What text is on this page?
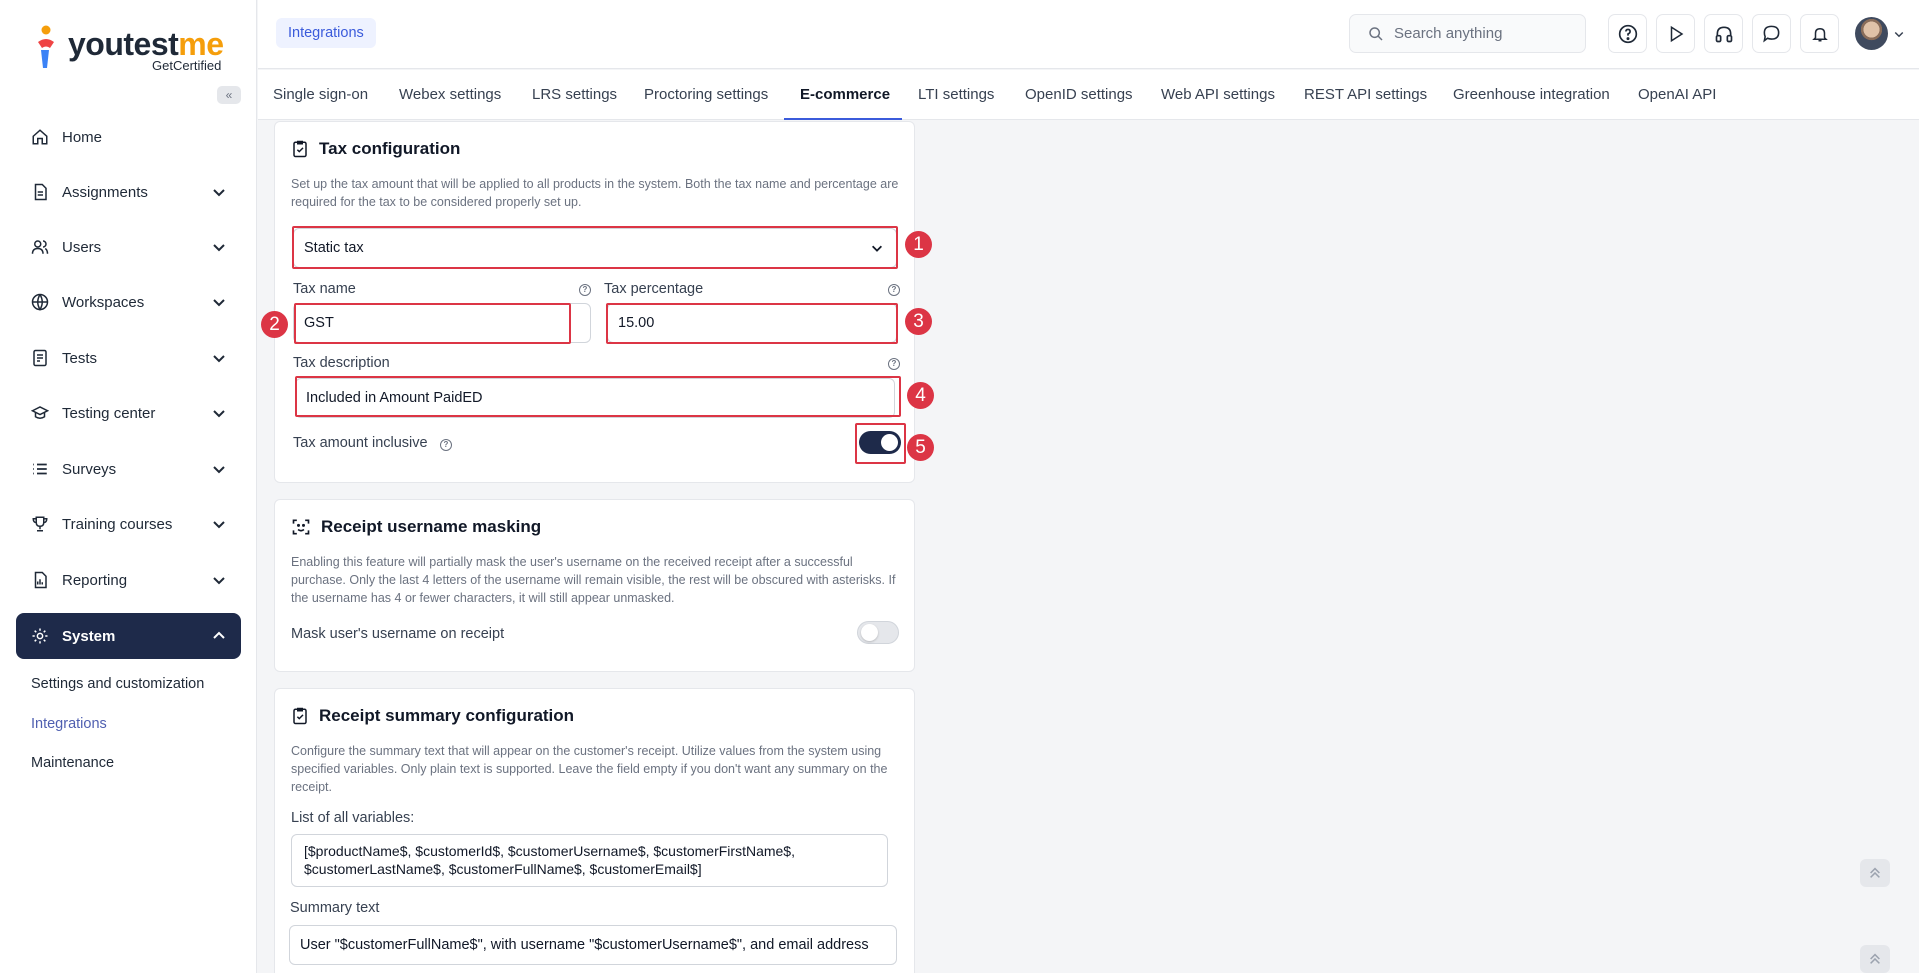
youtestme
GetCertified
«
Home
Assignments
Users
Workspaces
Tests
Testing center
Surveys
Training courses
Reporting
System
Settings and customization
Integrations
Maintenance
Integrations	Search anything
Single sign-on Webex settings LRS settings Proctoring settings E-commerce LTI settings OpenID settings Web API settings REST API settings Greenhouse integration OpenAI API
Tax configuration
Set up the tax amount that will be applied to all products in the system. Both the tax name and percentage are required for the tax to be considered properly set up.
Static tax
Tax name	?
GST
Tax percentage	?
15.00
Tax description	?
Included in Amount PaidED
Tax amount inclusive	?
1
2	3
4
5
Receipt username masking
Enabling this feature will partially mask the user's username on the received receipt after a successful purchase. Only the last 4 letters of the username will remain visible, the rest will be obscured with asterisks. If the username has 4 or fewer characters, it will still appear unmasked.
Mask user's username on receipt
Receipt summary configuration
Configure the summary text that will appear on the customer's receipt. Utilize values from the system using specified variables. Only plain text is supported. Leave the field empty if you don't want any summary on the receipt.
List of all variables:
[$productName$, $customerId$, $customerUsername$, $customerFirstName$, $customerLastName$, $customerFullName$, $customerEmail$]
Summary text
User "$customerFullName$", with username "$customerUsername$", and email address
